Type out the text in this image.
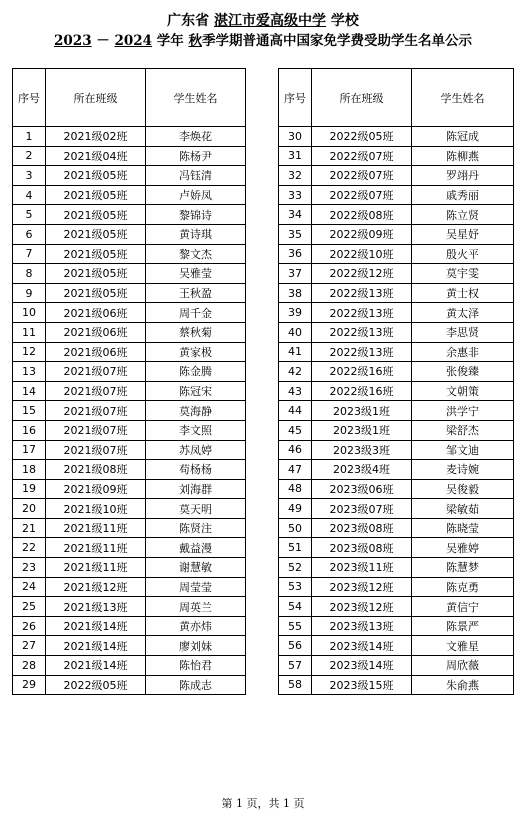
广东省 湛江市爱高级中学 学校
2023 － 2024 学年 秋季学期普通高中国家免学费受助学生名单公示
序号	所在班级	学生姓名
1	2021级02班	李焕花
2	2021级04班	陈杨尹
3	2021级05班	冯钰清
4	2021级05班	卢娇凤
5	2021级05班	黎锦诗
6	2021级05班	黄诗琪
7	2021级05班	黎文杰
8	2021级05班	吴雅莹
9	2021级05班	王秋盈
10	2021级06班	周千金
11	2021级06班	蔡秋菊
12	2021级06班	黄家极
13	2021级07班	陈金腾
14	2021级07班	陈冠宋
15	2021级07班	莫海静
16	2021级07班	李文照
17	2021级07班	苏凤婷
18	2021级08班	苟杨杨
19	2021级09班	刘海群
20	2021级10班	莫天明
21	2021级11班	陈贤注
22	2021级11班	戴益漫
23	2021级11班	谢慧敏
24	2021级12班	周莹莹
25	2021级13班	周英兰
26	2021级14班	黄亦炜
27	2021级14班	廖刘妹
28	2021级14班	陈怡君
29	2022级05班	陈成志
序号	所在班级	学生姓名
30	2022级05班	陈冠成
31	2022级07班	陈柳燕
32	2022级07班	罗翊丹
33	2022级07班	戚秀丽
34	2022级08班	陈立贤
35	2022级09班	吴星妤
36	2022级10班	殷火平
37	2022级12班	莫宇雯
38	2022级13班	黄士权
39	2022级13班	黄太泽
40	2022级13班	李思贤
41	2022级13班	余惠非
42	2022级16班	张俊臻
43	2022级16班	文朝策
44	2023级1班	洪学宁
45	2023级1班	梁舒杰
46	2023级3班	邹文迪
47	2023级4班	麦诗婉
48	2023级06班	吴俊毅
49	2023级07班	梁敏茹
50	2023级08班	陈晓莹
51	2023级08班	吴雅婷
52	2023级11班	陈慧梦
53	2023级12班	陈克勇
54	2023级12班	黄信宁
55	2023级13班	陈景严
56	2023级14班	文雅星
57	2023级14班	周欣薇
58	2023级15班	朱俞燕
第 1 页，共 1 页
